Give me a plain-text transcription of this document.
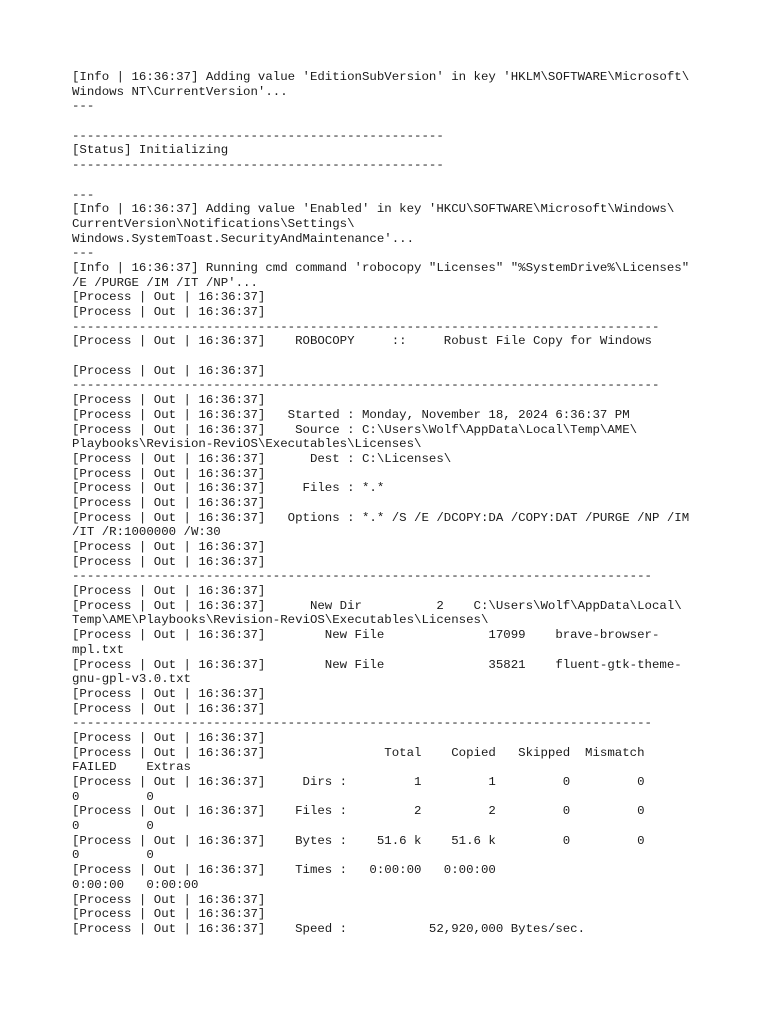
[Info | 16:36:37] Adding value 'EditionSubVersion' in key 'HKLM\SOFTWARE\Microsoft\
Windows NT\CurrentVersion'...
---
--------------------------------------------------
[Status] Initializing
--------------------------------------------------
---
[Info | 16:36:37] Adding value 'Enabled' in key 'HKCU\SOFTWARE\Microsoft\Windows\
CurrentVersion\Notifications\Settings\
Windows.SystemToast.SecurityAndMaintenance'...
---
[Info | 16:36:37] Running cmd command 'robocopy "Licenses" "%SystemDrive%\Licenses"
/E /PURGE /IM /IT /NP'...
[Process | Out | 16:36:37]
[Process | Out | 16:36:37]
-------------------------------------------------------------------------------
[Process | Out | 16:36:37]    ROBOCOPY     ::     Robust File Copy for Windows
[Process | Out | 16:36:37]
-------------------------------------------------------------------------------
[Process | Out | 16:36:37]
[Process | Out | 16:36:37]   Started : Monday, November 18, 2024 6:36:37 PM
[Process | Out | 16:36:37]    Source : C:\Users\Wolf\AppData\Local\Temp\AME\
Playbooks\Revision-ReviOS\Executables\Licenses\
[Process | Out | 16:36:37]      Dest : C:\Licenses\
[Process | Out | 16:36:37]
[Process | Out | 16:36:37]     Files : *.*
[Process | Out | 16:36:37]
[Process | Out | 16:36:37]   Options : *.* /S /E /DCOPY:DA /COPY:DAT /PURGE /NP /IM
/IT /R:1000000 /W:30
[Process | Out | 16:36:37]
[Process | Out | 16:36:37]
------------------------------------------------------------------------------
[Process | Out | 16:36:37]
[Process | Out | 16:36:37]      New Dir          2    C:\Users\Wolf\AppData\Local\
Temp\AME\Playbooks\Revision-ReviOS\Executables\Licenses\
[Process | Out | 16:36:37]        New File              17099    brave-browser-
mpl.txt
[Process | Out | 16:36:37]        New File              35821    fluent-gtk-theme-
gnu-gpl-v3.0.txt
[Process | Out | 16:36:37]
[Process | Out | 16:36:37]
------------------------------------------------------------------------------
[Process | Out | 16:36:37]
[Process | Out | 16:36:37]                Total    Copied   Skipped  Mismatch
FAILED    Extras
[Process | Out | 16:36:37]     Dirs :         1         1         0         0
0         0
[Process | Out | 16:36:37]    Files :         2         2         0         0
0         0
[Process | Out | 16:36:37]    Bytes :    51.6 k    51.6 k         0         0
0         0
[Process | Out | 16:36:37]    Times :   0:00:00   0:00:00
0:00:00   0:00:00
[Process | Out | 16:36:37]
[Process | Out | 16:36:37]
[Process | Out | 16:36:37]    Speed :           52,920,000 Bytes/sec.
